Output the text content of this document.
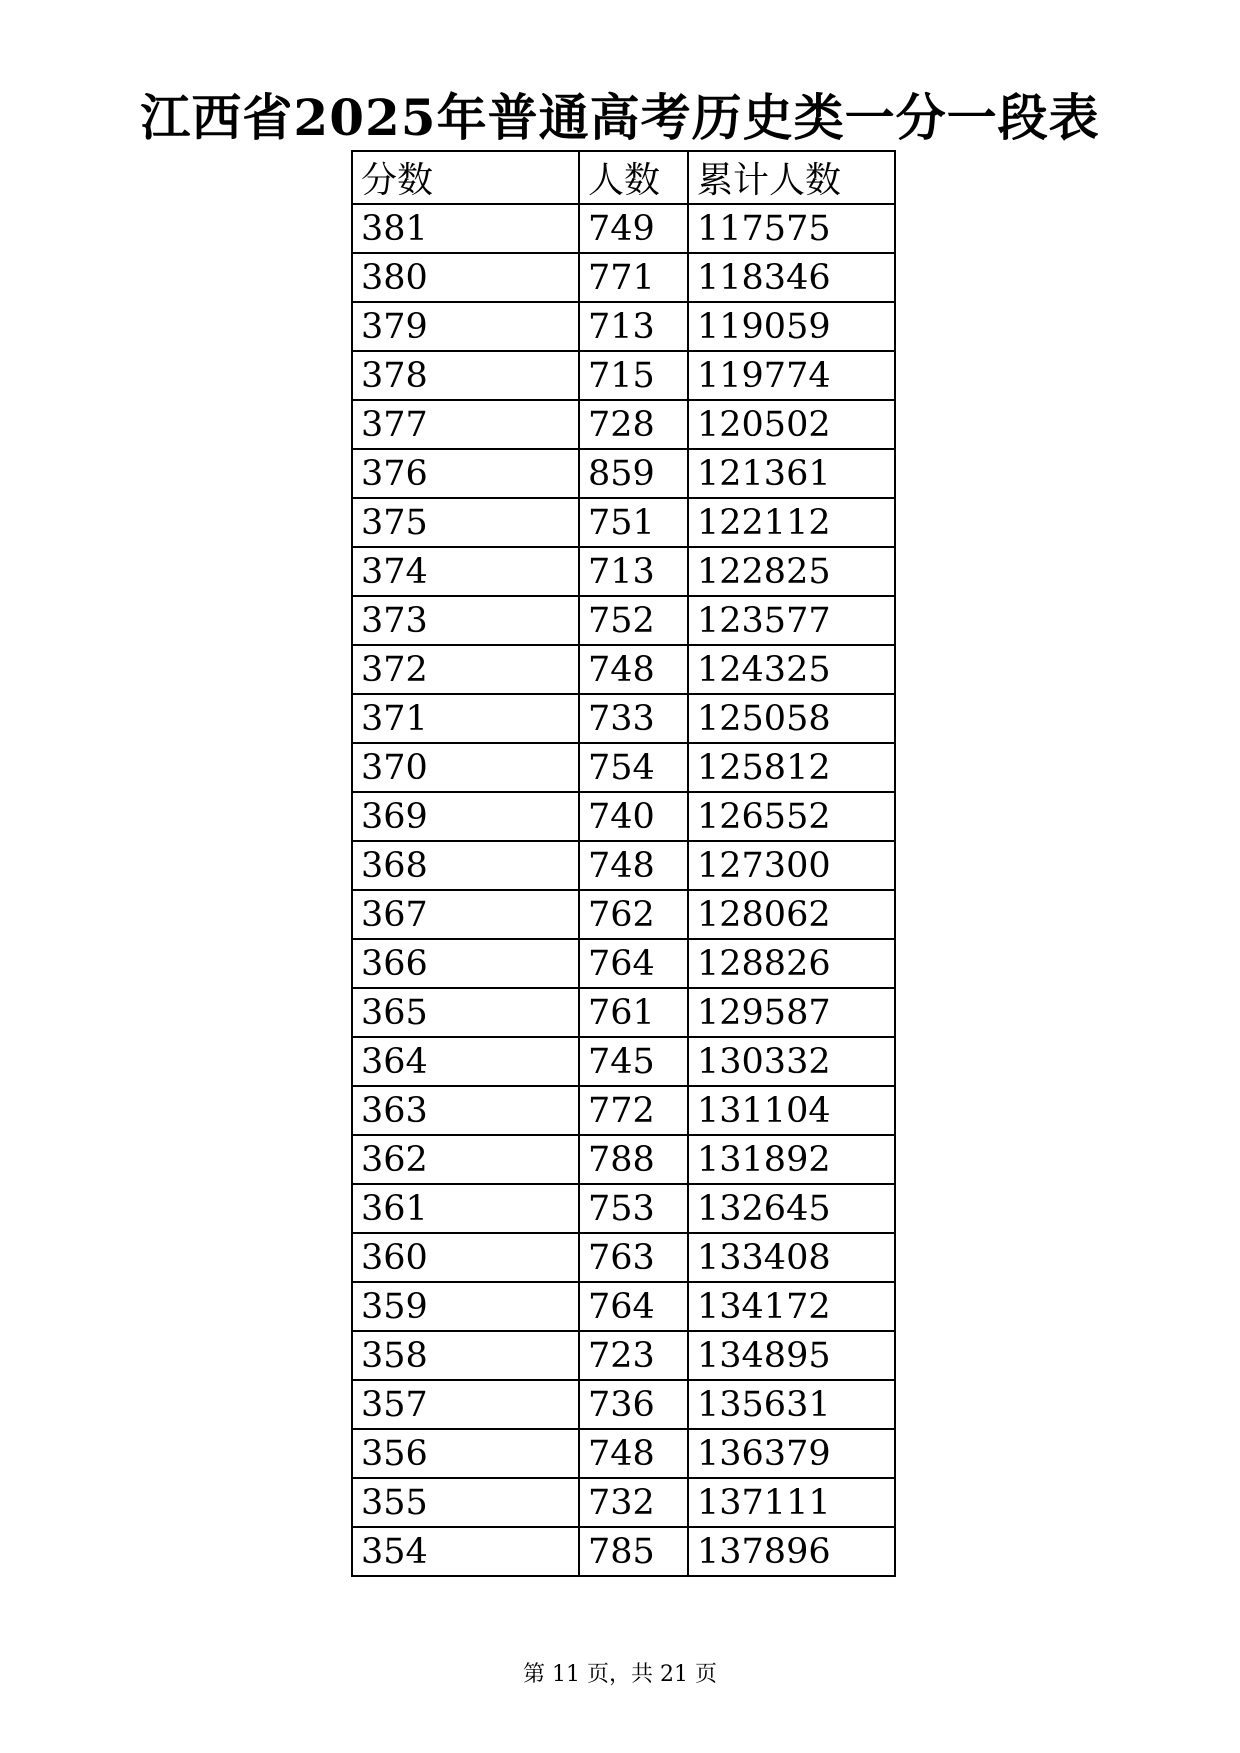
江西省2025年普通高考历史类一分一段表
分数	人数	累计人数
381	749	117575
380	771	118346
379	713	119059
378	715	119774
377	728	120502
376	859	121361
375	751	122112
374	713	122825
373	752	123577
372	748	124325
371	733	125058
370	754	125812
369	740	126552
368	748	127300
367	762	128062
366	764	128826
365	761	129587
364	745	130332
363	772	131104
362	788	131892
361	753	132645
360	763	133408
359	764	134172
358	723	134895
357	736	135631
356	748	136379
355	732	137111
354	785	137896
第 11 页，共 21 页
